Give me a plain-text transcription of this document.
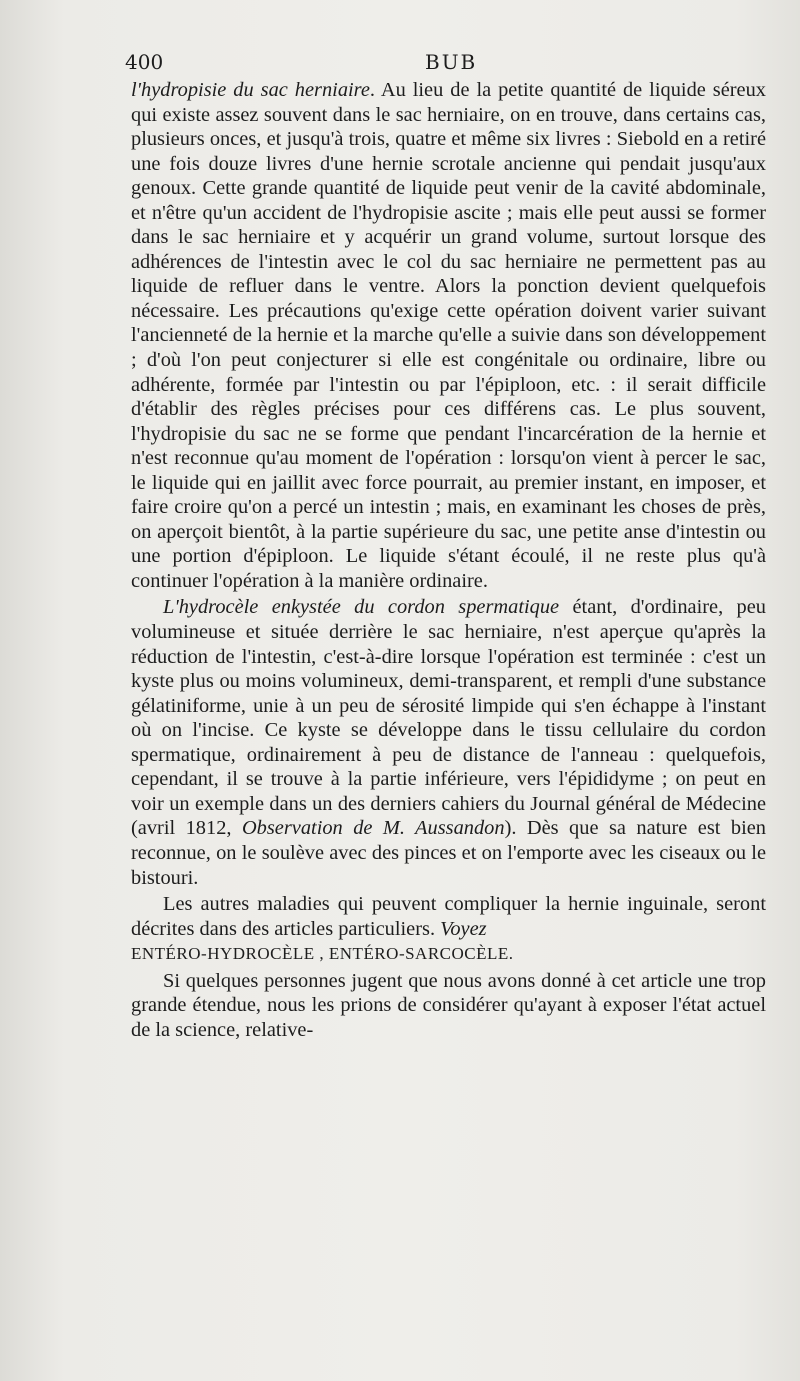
400	BUB

l'hydropisie du sac herniaire. Au lieu de la petite quantité de liquide séreux qui existe assez souvent dans le sac herniaire, on en trouve, dans certains cas, plusieurs onces, et jusqu'à trois, quatre et même six livres : Siebold en a retiré une fois douze livres d'une hernie scrotale ancienne qui pendait jusqu'aux genoux. Cette grande quantité de liquide peut venir de la cavité abdominale, et n'être qu'un accident de l'hydropisie ascite ; mais elle peut aussi se former dans le sac herniaire et y acquérir un grand volume, surtout lorsque des adhérences de l'intestin avec le col du sac herniaire ne permettent pas au liquide de refluer dans le ventre. Alors la ponction devient quelquefois nécessaire. Les précautions qu'exige cette opération doivent varier suivant l'ancienneté de la hernie et la marche qu'elle a suivie dans son développement ; d'où l'on peut conjecturer si elle est congénitale ou ordinaire, libre ou adhérente, formée par l'intestin ou par l'épiploon, etc. : il serait difficile d'établir des règles précises pour ces différens cas. Le plus souvent, l'hydropisie du sac ne se forme que pendant l'incarcération de la hernie et n'est reconnue qu'au moment de l'opération : lorsqu'on vient à percer le sac, le liquide qui en jaillit avec force pourrait, au premier instant, en imposer, et faire croire qu'on a percé un intestin ; mais, en examinant les choses de près, on aperçoit bientôt, à la partie supérieure du sac, une petite anse d'intestin ou une portion d'épiploon. Le liquide s'étant écoulé, il ne reste plus qu'à continuer l'opération à la manière ordinaire.

L'hydrocèle enkystée du cordon spermatique étant, d'ordinaire, peu volumineuse et située derrière le sac herniaire, n'est aperçue qu'après la réduction de l'intestin, c'est-à-dire lorsque l'opération est terminée : c'est un kyste plus ou moins volumineux, demi-transparent, et rempli d'une substance gélatiniforme, unie à un peu de sérosité limpide qui s'en échappe à l'instant où on l'incise. Ce kyste se développe dans le tissu cellulaire du cordon spermatique, ordinairement à peu de distance de l'anneau : quelquefois, cependant, il se trouve à la partie inférieure, vers l'épididyme ; on peut en voir un exemple dans un des derniers cahiers du Journal général de Médecine (avril 1812, Observation de M. Aussandon). Dès que sa nature est bien reconnue, on le soulève avec des pinces et on l'emporte avec les ciseaux ou le bistouri.

Les autres maladies qui peuvent compliquer la hernie inguinale, seront décrites dans des articles particuliers. Voyez
ENTÉRO-HYDROCÈLE , ENTÉRO-SARCOCÈLE.

Si quelques personnes jugent que nous avons donné à cet article une trop grande étendue, nous les prions de considérer qu'ayant à exposer l'état actuel de la science, relative-
